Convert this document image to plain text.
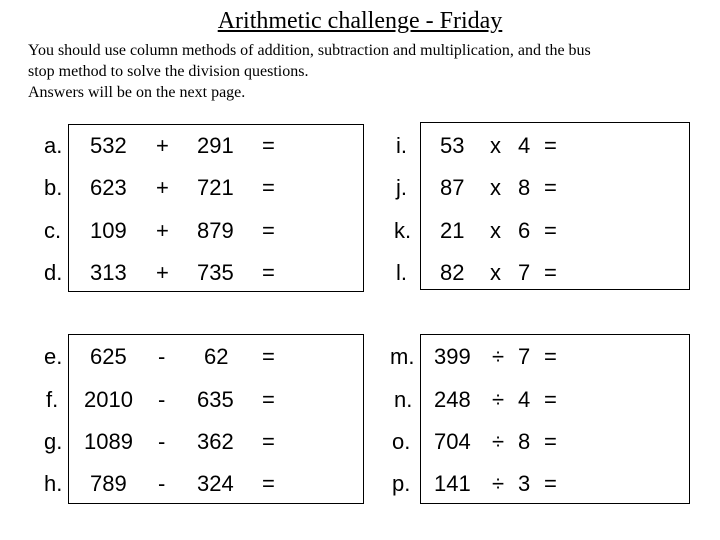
Arithmetic challenge - Friday
You should use column methods of addition, subtraction and multiplication, and the bus
stop method to solve the division questions.
Answers will be on the next page.
a. 532 + 291 =
b. 623 + 721 =
c. 109 + 879 =
d. 313 + 735 =
e. 625 - 62 =
f. 2010 - 635 =
g. 1089 - 362 =
h. 789 - 324 =
i. 53 x 4 =
j. 87 x 8 =
k. 21 x 6 =
l. 82 x 7 =
m. 399 ÷ 7 =
n. 248 ÷ 4 =
o. 704 ÷ 8 =
p. 141 ÷ 3 =
